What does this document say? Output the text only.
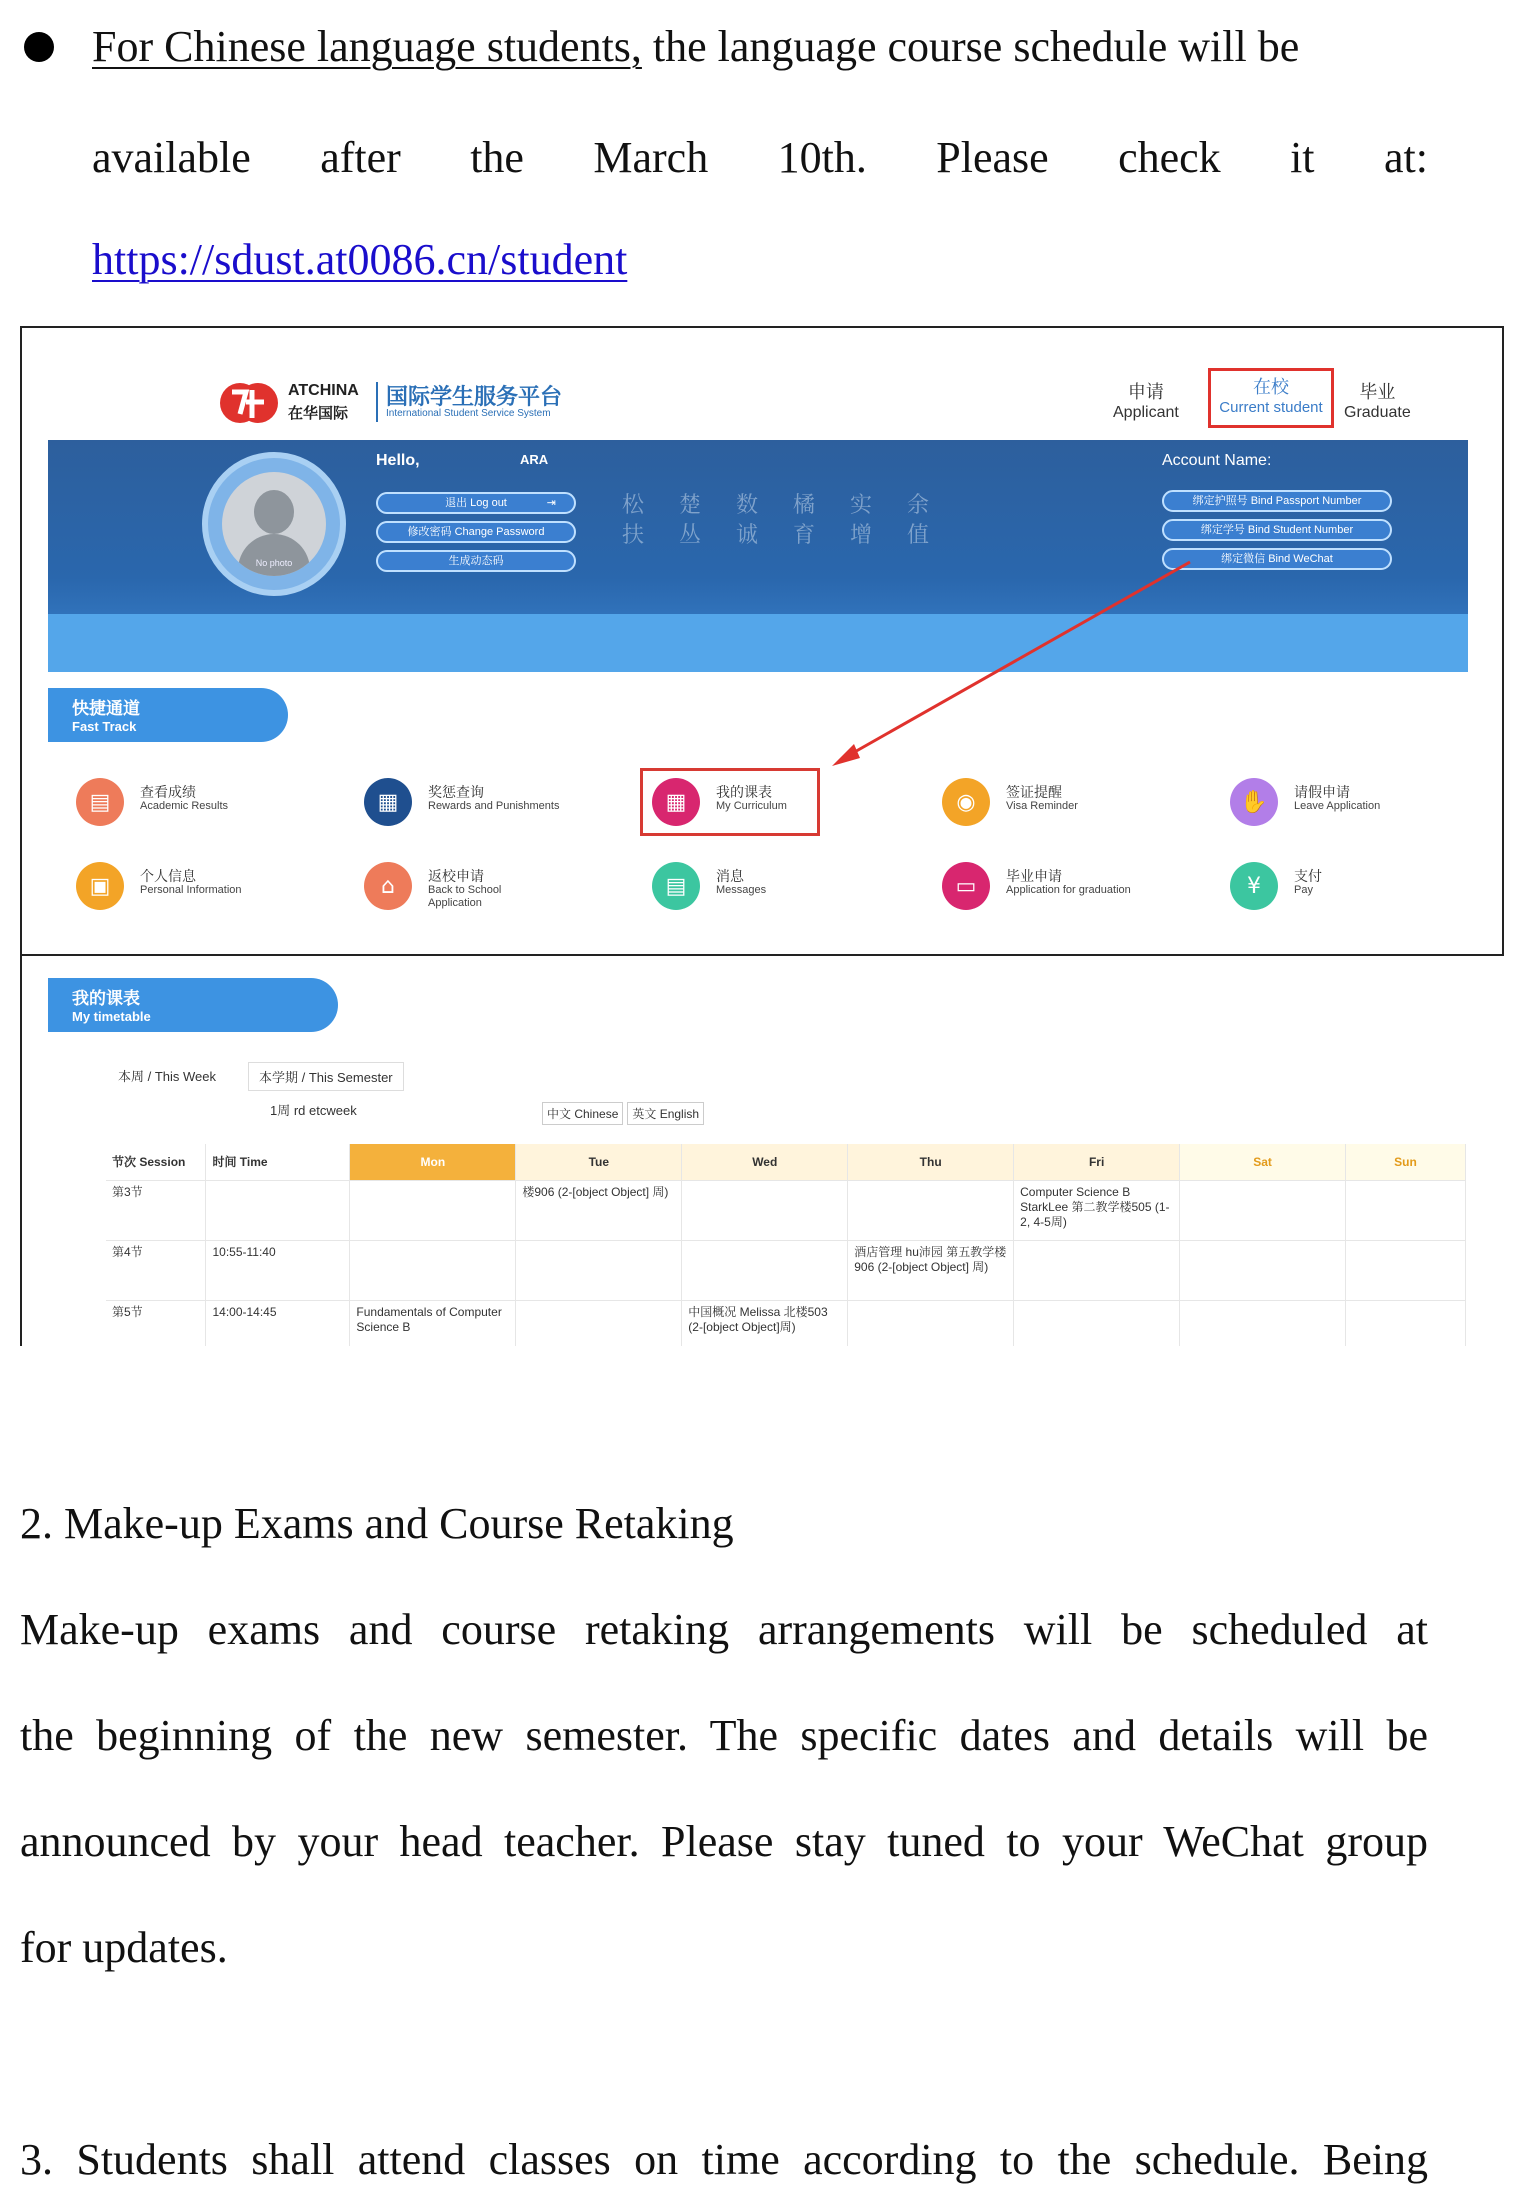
For Chinese language students, the language course schedule will be
available after the March 10th. Please check it at:
https://sdust.at0086.cn/student
ATCHINA
在华国际
国际学生服务平台
International Student Service System
申请
Applicant
在校
Current student
毕业
Graduate
No photo
Hello,	ARA
退出 Log out	⇥
修改密码 Change Password
生成动态码
松 楚 数 橘 实 余
扶 丛 诚 育 增 值
Account Name:
绑定护照号 Bind Passport Number
绑定学号 Bind Student Number
绑定微信 Bind WeChat
快捷通道
Fast Track
▤	查看成绩
Academic Results	▦	奖惩查询
Rewards and Punishments	▦	我的课表
My Curriculum	◉	签证提醒
Visa Reminder	✋	请假申请
Leave Application
▣	个人信息
Personal Information	⌂	返校申请
Back to School Application
▤	消息
Messages	▭	毕业申请
Application for graduation	¥	支付
Pay
我的课表
My timetable
本周 / This Week	本学期 / This Semester
1周 rd etcweek	中文 Chinese 英文 English
节次 Session	时间 Time	Mon	Tue	Wed	Thu	Fri	Sat	Sun
第3节			楼906 (2-[object Object] 周)			Computer Science B StarkLee 第二教学楼505 (1-2, 4-5周)		
第4节	10:55-11:40				酒店管理 hu沛园 第五教学楼906 (2-[object Object] 周)			
第5节	14:00-14:45	Fundamentals of Computer Science B		中国概况 Melissa 北楼503 (2-[object Object]周)				
2. Make-up Exams and Course Retaking
Make-up exams and course retaking arrangements will be scheduled at
the beginning of the new semester. The specific dates and details will be
announced by your head teacher. Please stay tuned to your WeChat group
for updates.
3. Students shall attend classes on time according to the schedule. Being
